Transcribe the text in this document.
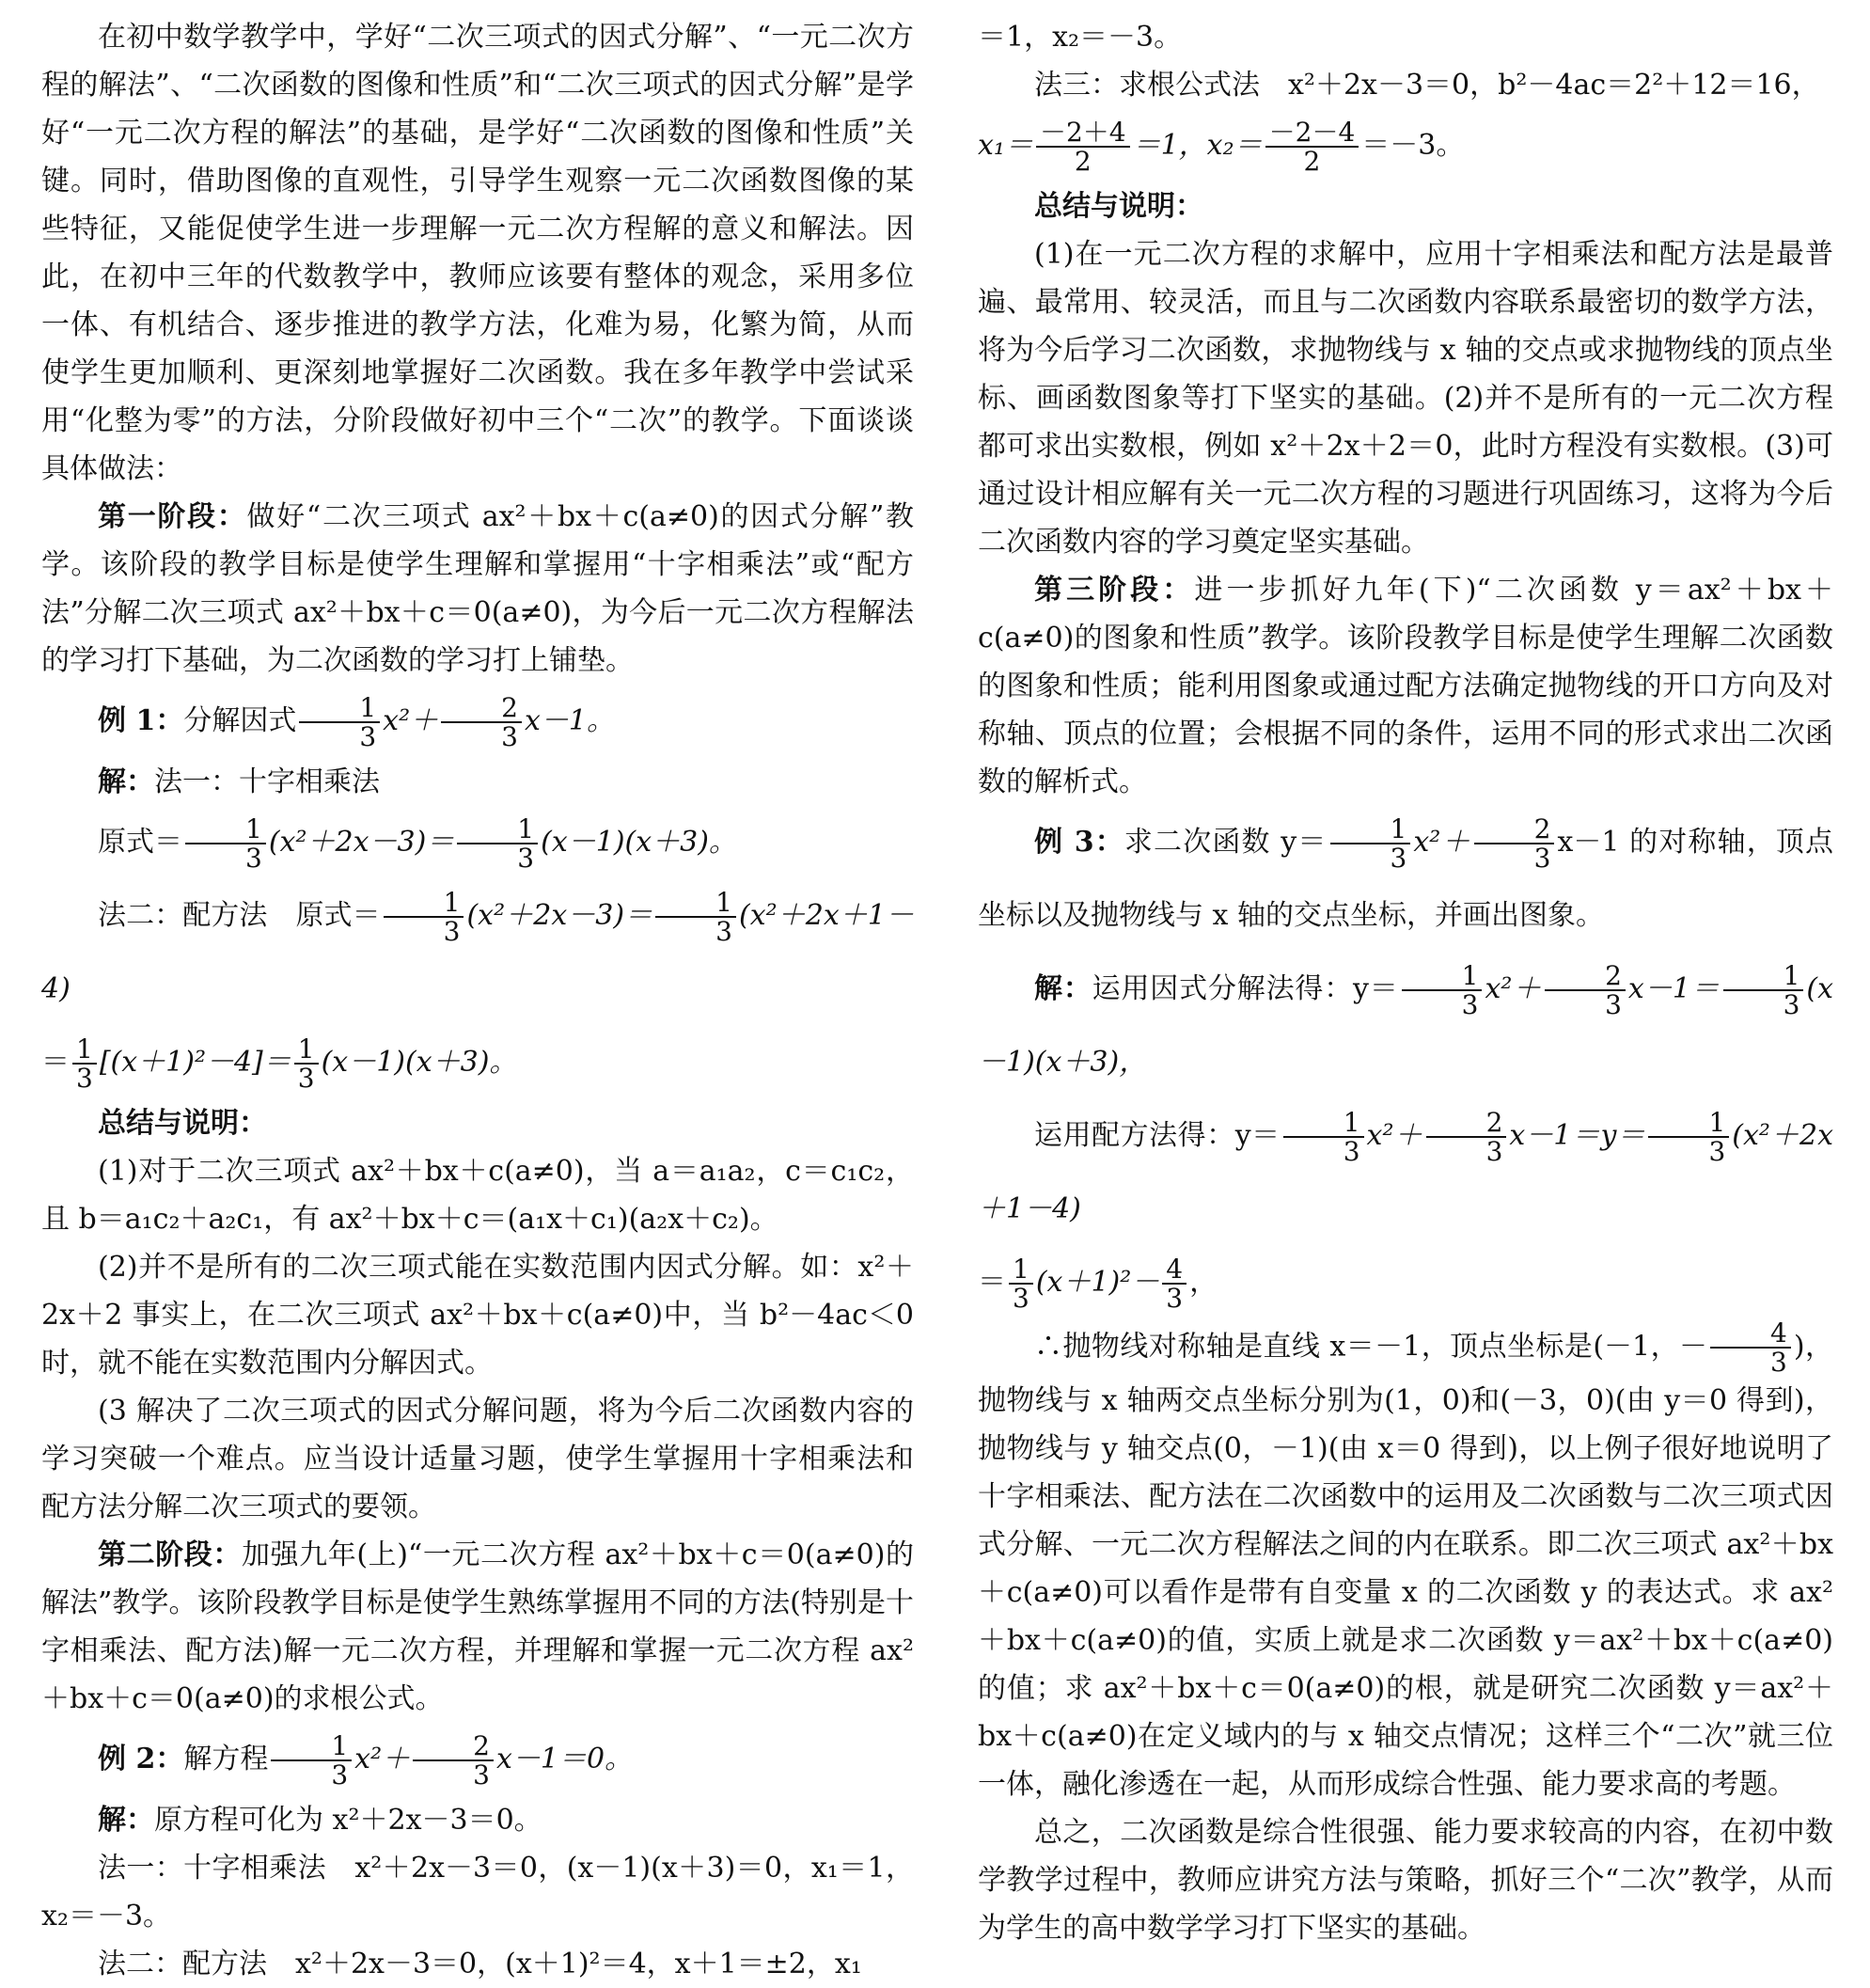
在初中数学教学中，学好“二次三项式的因式分解”、“一元二次方程的解法”、“二次函数的图像和性质”和“二次三项式的因式分解”是学好“一元二次方程的解法”的基础，是学好“二次函数的图像和性质”关键。同时，借助图像的直观性，引导学生观察一元二次函数图像的某些特征，又能促使学生进一步理解一元二次方程解的意义和解法。因此，在初中三年的代数教学中，教师应该要有整体的观念，采用多位一体、有机结合、逐步推进的教学方法，化难为易，化繁为简，从而使学生更加顺利、更深刻地掌握好二次函数。我在多年教学中尝试采用“化整为零”的方法，分阶段做好初中三个“二次”的教学。下面谈谈具体做法：

第一阶段：做好“二次三项式 ax²＋bx＋c(a≠0)的因式分解”教学。该阶段的教学目标是使学生理解和掌握用“十字相乘法”或“配方法”分解二次三项式 ax²＋bx＋c＝0(a≠0)，为今后一元二次方程解法的学习打下基础，为二次函数的学习打上铺垫。

例 1：分解因式 $\frac{1}{3} x^2+ \frac{2}{3} x-1$。

解：法一：十字相乘法

原式＝ $\frac{1}{3} (x^2+2x-3)= \frac{1}{3} (x-1)(x+3)$。

法二：配方法　原式＝ $\frac{1}{3} (x^2+2x-3)= \frac{1}{3} (x^2+2x+1-4)$

＝ $\frac{1}{3} [(x+1)^2-4]= \frac{1}{3} (x-1)(x+3)$。

总结与说明：

(1)对于二次三项式 ax²＋bx＋c(a≠0)，当 a＝a₁a₂，c＝c₁c₂，且 b＝a₁c₂＋a₂c₁，有 ax²＋bx＋c＝(a₁x＋c₁)(a₂x＋c₂)。

(2)并不是所有的二次三项式能在实数范围内因式分解。如：x²＋2x＋2 事实上，在二次三项式 ax²＋bx＋c(a≠0)中，当 b²－4ac＜0 时，就不能在实数范围内分解因式。

(3 解决了二次三项式的因式分解问题，将为今后二次函数内容的学习突破一个难点。应当设计适量习题，使学生掌握用十字相乘法和配方法分解二次三项式的要领。

第二阶段：加强九年(上)“一元二次方程 ax²＋bx＋c＝0(a≠0)的解法”教学。该阶段教学目标是使学生熟练掌握用不同的方法(特别是十字相乘法、配方法)解一元二次方程，并理解和掌握一元二次方程 ax²＋bx＋c＝0(a≠0)的求根公式。

例 2：解方程 $\frac{1}{3} x^2+ \frac{2}{3} x-1=0$。

解：原方程可化为 x²＋2x－3＝0。

法一：十字相乘法　x²＋2x－3＝0，(x－1)(x＋3)＝0，x₁＝1，x₂＝－3。

法二：配方法　x²＋2x－3＝0，(x＋1)²＝4，x＋1＝±2，x₁

＝1，x₂＝－3。

法三：求根公式法　x²＋2x－3＝0，b²－4ac＝2²＋12＝16，

$x_1= \frac{-2+4}{2} =1$，$x_2= \frac{-2-4}{2} =-3$。

总结与说明：

(1)在一元二次方程的求解中，应用十字相乘法和配方法是最普遍、最常用、较灵活，而且与二次函数内容联系最密切的数学方法，将为今后学习二次函数，求抛物线与 x 轴的交点或求抛物线的顶点坐标、画函数图象等打下坚实的基础。(2)并不是所有的一元二次方程都可求出实数根，例如 x²＋2x＋2＝0，此时方程没有实数根。(3)可通过设计相应解有关一元二次方程的习题进行巩固练习，这将为今后二次函数内容的学习奠定坚实基础。

第三阶段：进一步抓好九年(下)“二次函数 y＝ax²＋bx＋c(a≠0)的图象和性质”教学。该阶段教学目标是使学生理解二次函数的图象和性质；能利用图象或通过配方法确定抛物线的开口方向及对称轴、顶点的位置；会根据不同的条件，运用不同的形式求出二次函数的解析式。

例 3：求二次函数 $y= \frac{1}{3} x^2+ \frac{2}{3} x-1$ 的对称轴，顶点坐标以及抛物线与 x 轴的交点坐标，并画出图象。

解：运用因式分解法得：$y= \frac{1}{3} x^2+ \frac{2}{3} x-1= \frac{1}{3} (x-1)(x+3)$，

运用配方法得：$y= \frac{1}{3} x^2+ \frac{2}{3} x-1=y= \frac{1}{3} (x^2+2x+1-4)$

＝ $\frac{1}{3} (x+1)^2- \frac{4}{3}$ ，

∴抛物线对称轴是直线 x＝－1，顶点坐标是(－1，－ $\frac{4}{3}$ )，抛物线与 x 轴两交点坐标分别为(1，0)和(－3，0)(由 y＝0 得到)，抛物线与 y 轴交点(0，－1)(由 x＝0 得到)，以上例子很好地说明了十字相乘法、配方法在二次函数中的运用及二次函数与二次三项式因式分解、一元二次方程解法之间的内在联系。即二次三项式 ax²＋bx＋c(a≠0)可以看作是带有自变量 x 的二次函数 y 的表达式。求 ax²＋bx＋c(a≠0)的值，实质上就是求二次函数 y＝ax²＋bx＋c(a≠0)的值；求 ax²＋bx＋c＝0(a≠0)的根，就是研究二次函数 y＝ax²＋bx＋c(a≠0)在定义域内的与 x 轴交点情况；这样三个“二次”就三位一体，融化渗透在一起，从而形成综合性强、能力要求高的考题。

总之，二次函数是综合性很强、能力要求较高的内容，在初中数学教学过程中，教师应讲究方法与策略，抓好三个“二次”教学，从而为学生的高中数学学习打下坚实的基础。
